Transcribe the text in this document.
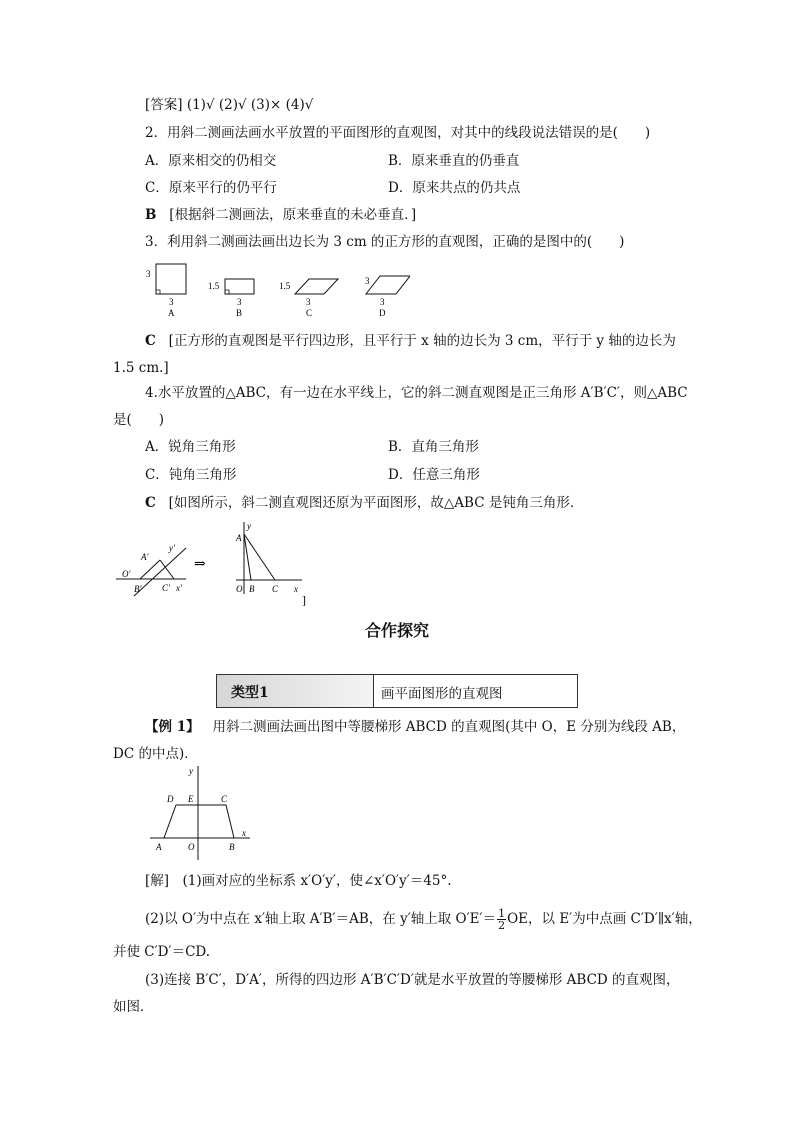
[答案] (1)√ (2)√ (3)× (4)√
2．用斜二测画法画水平放置的平面图形的直观图，对其中的线段说法错误的是(　　)
A．原来相交的仍相交	B．原来垂直的仍垂直
C．原来平行的仍平行	D．原来共点的仍共点
B [根据斜二测画法，原来垂直的未必垂直．]
3．利用斜二测画法画出边长为 3 cm 的正方形的直观图，正确的是图中的(　　)
3
3
A
1.5
3
B
1.5
3
C
3
3
D
C [正方形的直观图是平行四边形，且平行于 x 轴的边长为 3 cm，平行于 y 轴的边长为
1.5 cm.]
4.水平放置的△ABC，有一边在水平线上，它的斜二测直观图是正三角形 A′B′C′，则△ABC
是(　　)
A．锐角三角形	B．直角三角形
C．钝角三角形	D．任意三角形
C [如图所示，斜二测直观图还原为平面图形，故△ABC 是钝角三角形．
A′
y′
O′
B′ C′ x′
⇒
y
A
O B C x
]
合作探究
类型1	画平面图形的直观图
【例 1】 用斜二测画法画出图中等腰梯形 ABCD 的直观图(其中 O，E 分别为线段 AB，
DC 的中点)．
y
D E	C
A	O	B
x
[解]　(1)画对应的坐标系 x′O′y′，使∠x′O′y′＝45°.
(2)以 O′为中点在 x′轴上取 A′B′＝AB，在 y′轴上取 $O'E'= \frac{1}{2}$ OE，以 E′为中点画 C′D′∥x′轴，
并使 C′D′＝CD.
(3)连接 B′C′，D′A′，所得的四边形 A′B′C′D′就是水平放置的等腰梯形 ABCD 的直观图，
如图．
